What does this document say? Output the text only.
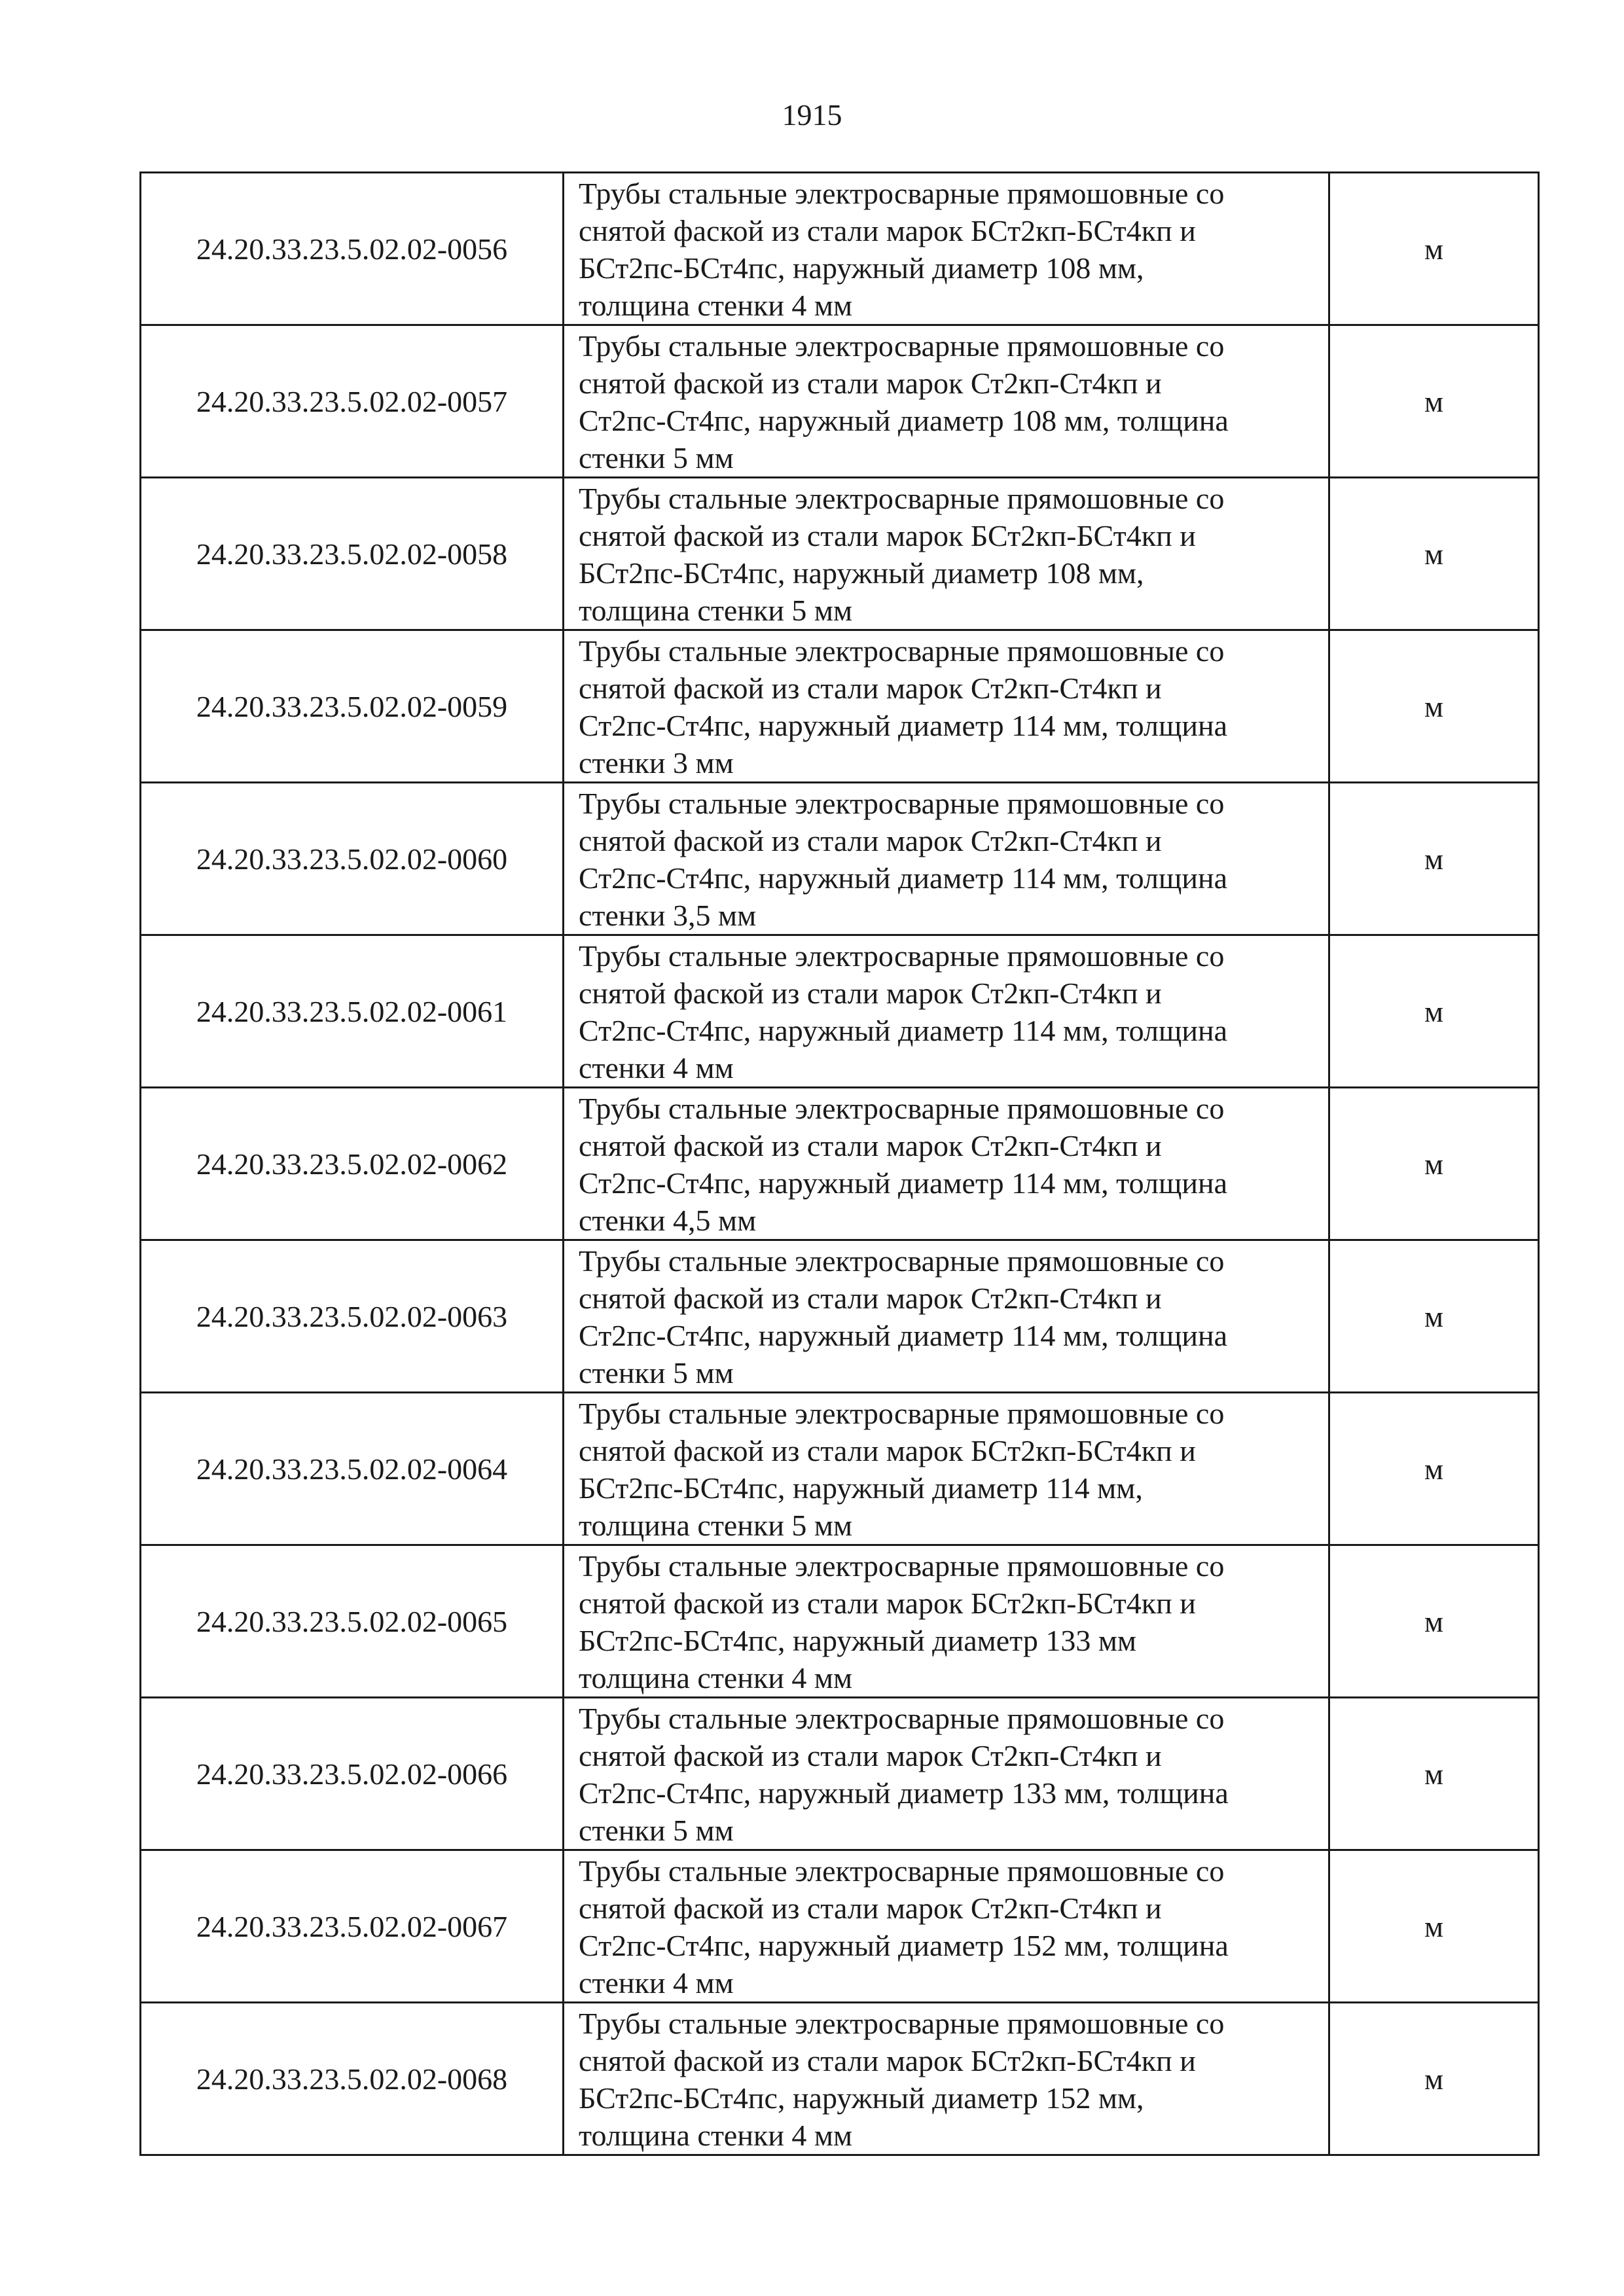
1915
24.20.33.23.5.02.02-0056	Трубы стальные электросварные прямошовные со
снятой фаской из стали марок БСт2кп-БСт4кп и
БСт2пс-БСт4пс, наружный диаметр 108 мм,
толщина стенки 4 мм	м
24.20.33.23.5.02.02-0057	Трубы стальные электросварные прямошовные со
снятой фаской из стали марок Ст2кп-Ст4кп и
Ст2пс-Ст4пс, наружный диаметр 108 мм, толщина
стенки 5 мм	м
24.20.33.23.5.02.02-0058	Трубы стальные электросварные прямошовные со
снятой фаской из стали марок БСт2кп-БСт4кп и
БСт2пс-БСт4пс, наружный диаметр 108 мм,
толщина стенки 5 мм	м
24.20.33.23.5.02.02-0059	Трубы стальные электросварные прямошовные со
снятой фаской из стали марок Ст2кп-Ст4кп и
Ст2пс-Ст4пс, наружный диаметр 114 мм, толщина
стенки 3 мм	м
24.20.33.23.5.02.02-0060	Трубы стальные электросварные прямошовные со
снятой фаской из стали марок Ст2кп-Ст4кп и
Ст2пс-Ст4пс, наружный диаметр 114 мм, толщина
стенки 3,5 мм	м
24.20.33.23.5.02.02-0061	Трубы стальные электросварные прямошовные со
снятой фаской из стали марок Ст2кп-Ст4кп и
Ст2пс-Ст4пс, наружный диаметр 114 мм, толщина
стенки 4 мм	м
24.20.33.23.5.02.02-0062	Трубы стальные электросварные прямошовные со
снятой фаской из стали марок Ст2кп-Ст4кп и
Ст2пс-Ст4пс, наружный диаметр 114 мм, толщина
стенки 4,5 мм	м
24.20.33.23.5.02.02-0063	Трубы стальные электросварные прямошовные со
снятой фаской из стали марок Ст2кп-Ст4кп и
Ст2пс-Ст4пс, наружный диаметр 114 мм, толщина
стенки 5 мм	м
24.20.33.23.5.02.02-0064	Трубы стальные электросварные прямошовные со
снятой фаской из стали марок БСт2кп-БСт4кп и
БСт2пс-БСт4пс, наружный диаметр 114 мм,
толщина стенки 5 мм	м
24.20.33.23.5.02.02-0065	Трубы стальные электросварные прямошовные со
снятой фаской из стали марок БСт2кп-БСт4кп и
БСт2пс-БСт4пс, наружный диаметр 133 мм
толщина стенки 4 мм	м
24.20.33.23.5.02.02-0066	Трубы стальные электросварные прямошовные со
снятой фаской из стали марок Ст2кп-Ст4кп и
Ст2пс-Ст4пс, наружный диаметр 133 мм, толщина
стенки 5 мм	м
24.20.33.23.5.02.02-0067	Трубы стальные электросварные прямошовные со
снятой фаской из стали марок Ст2кп-Ст4кп и
Ст2пс-Ст4пс, наружный диаметр 152 мм, толщина
стенки 4 мм	м
24.20.33.23.5.02.02-0068	Трубы стальные электросварные прямошовные со
снятой фаской из стали марок БСт2кп-БСт4кп и
БСт2пс-БСт4пс, наружный диаметр 152 мм,
толщина стенки 4 мм	м
